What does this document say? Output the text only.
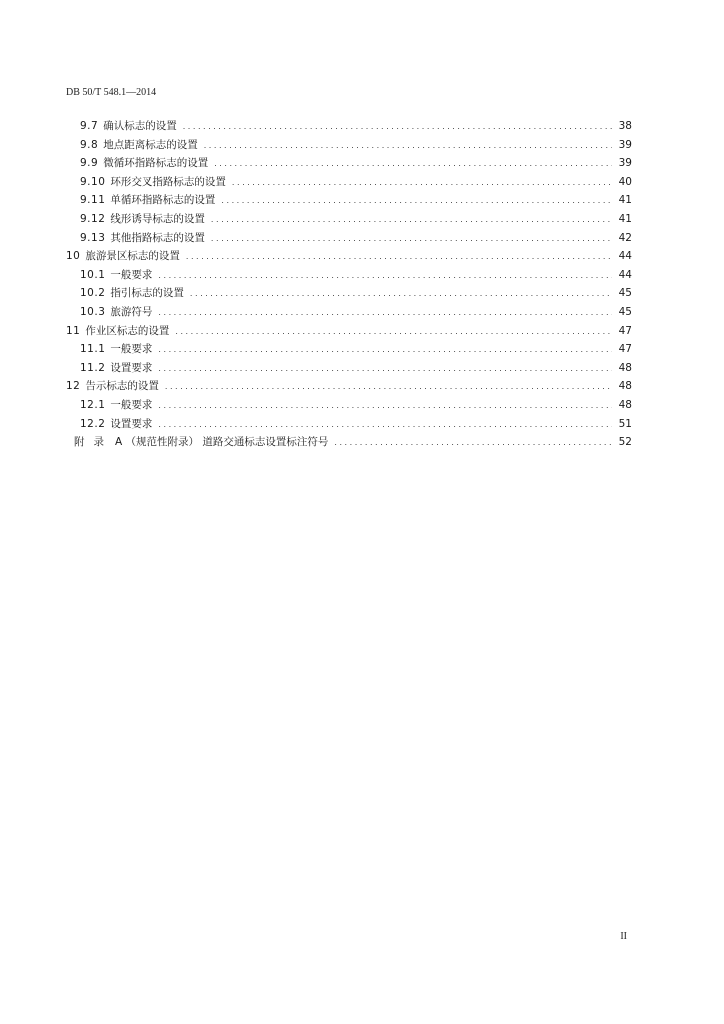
DB 50/T 548.1—2014
9.7 确认标志的设置 . . .	38
9.8 地点距离标志的设置 . . .	39
9.9 微循环指路标志的设置 . . .	39
9.10 环形交叉指路标志的设置 . . .	40
9.11 单循环指路标志的设置 . . .	41
9.12 线形诱导标志的设置 . . .	41
9.13 其他指路标志的设置 . . .	42
10 旅游景区标志的设置 . . .	44
10.1 一般要求 . . .	44
10.2 指引标志的设置 . . .	45
10.3 旅游符号 . . .	45
11 作业区标志的设置 . . .	47
11.1 一般要求 . . .	47
11.2 设置要求 . . .	48
12 告示标志的设置 . . .	48
12.1 一般要求 . . .	48
12.2 设置要求 . . .	51
附录 A （规范性附录） 道路交通标志设置标注符号 . . .	52
II
